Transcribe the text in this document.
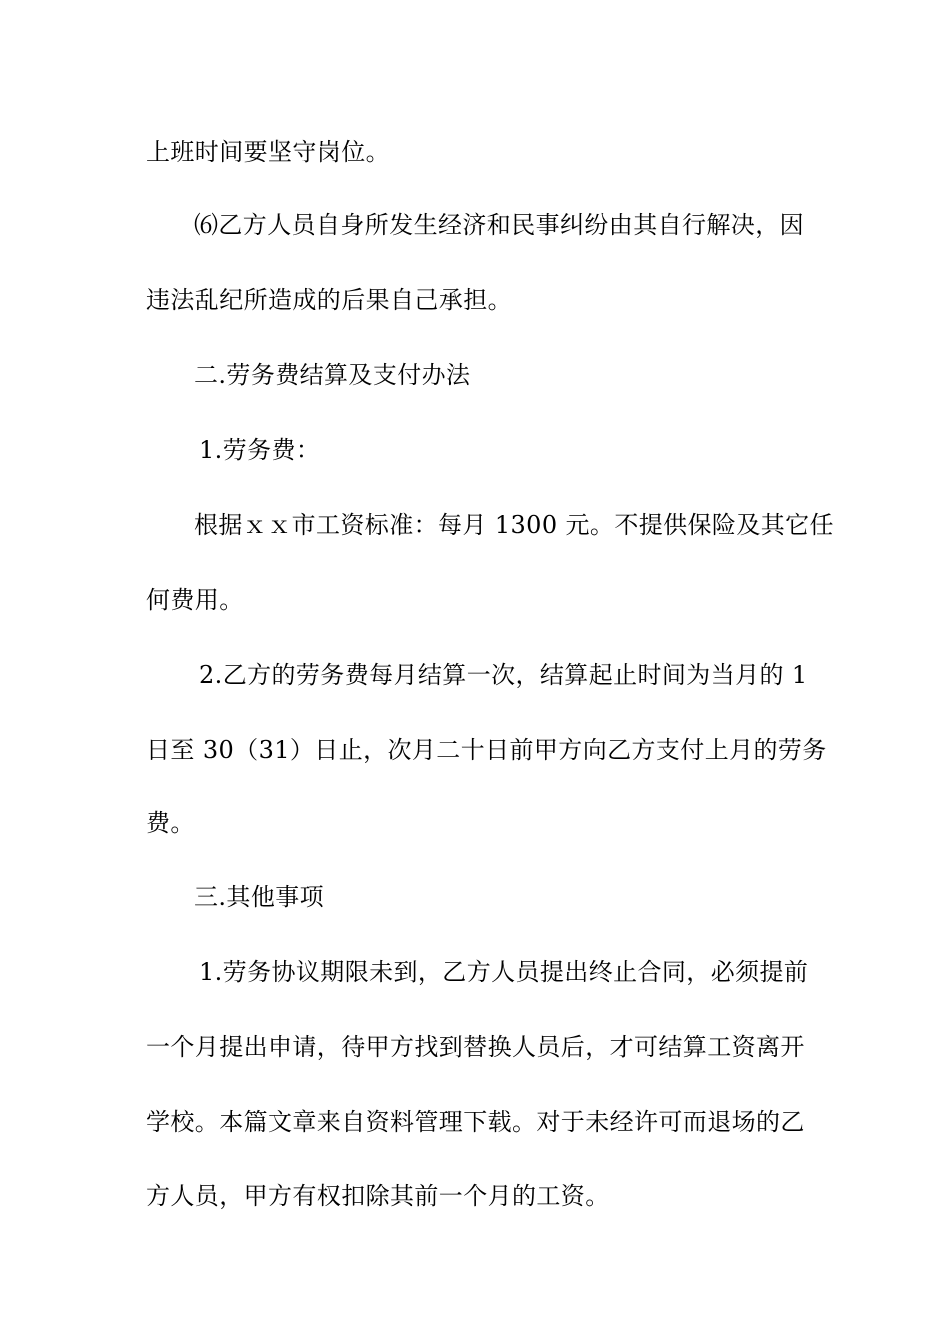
上班时间要坚守岗位。
⑹乙方人员自身所发生经济和民事纠纷由其自行解决，因
违法乱纪所造成的后果自己承担。
二.劳务费结算及支付办法
1.劳务费：
根据ｘｘ市工资标准：每月 1300 元。不提供保险及其它任
何费用。
2.乙方的劳务费每月结算一次，结算起止时间为当月的 1
日至 30（31）日止，次月二十日前甲方向乙方支付上月的劳务
费。
三.其他事项
1.劳务协议期限未到，乙方人员提出终止合同，必须提前
一个月提出申请，待甲方找到替换人员后，才可结算工资离开
学校。本篇文章来自资料管理下载。对于未经许可而退场的乙
方人员，甲方有权扣除其前一个月的工资。
